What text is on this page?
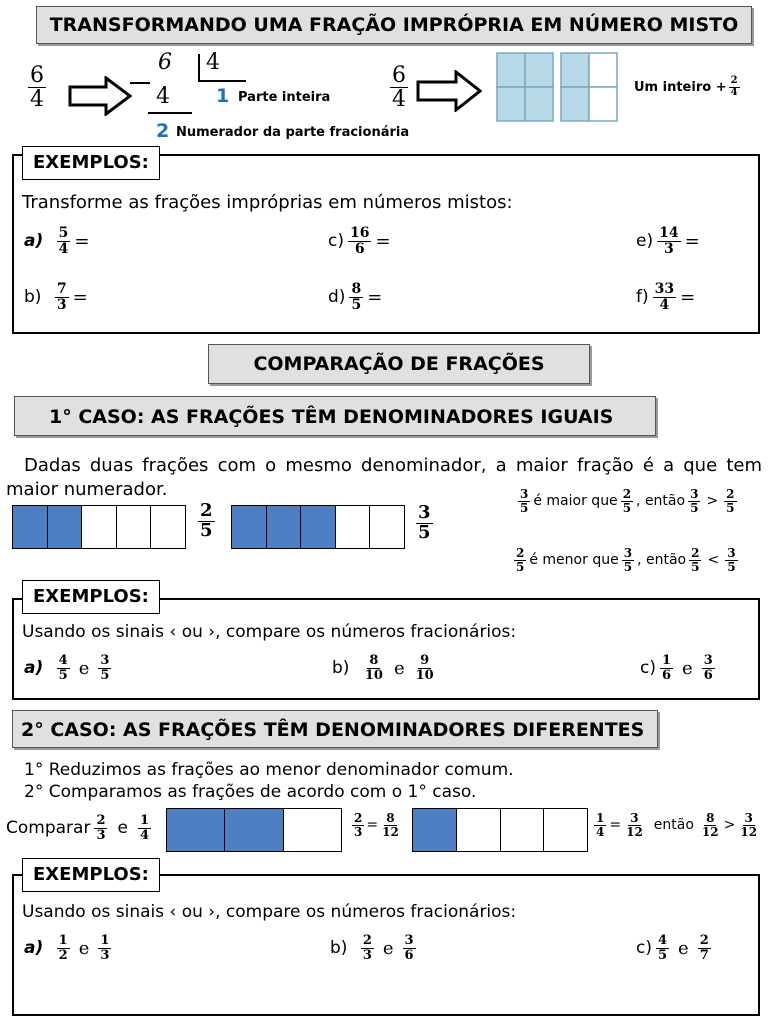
TRANSFORMANDO UMA FRAÇÃO IMPRÓPRIA EM NÚMERO MISTO
$\frac{6}{4}$
6 4
4 1 Parte inteira
2 Numerador da parte fracionária
$\frac{6}{4}$	Um inteiro + $\frac{2}{4}$
EXEMPLOS:
Transforme as frações impróprias em números mistos:
a)
$\frac{5}{4}$ =	$c) \frac{16}{6}$ =	$e) \frac{14}{3}$ =
b)
$\frac{7}{3}$ =	$d) \frac{8}{5}$ =	$f) \frac{33}{4}$ =
COMPARAÇÃO DE FRAÇÕES
1° CASO: AS FRAÇÕES TÊM DENOMINADORES IGUAIS
Dadas duas frações com o mesmo denominador, a maior fração é a que tem maior numerador.
$\frac{2}{5}$	$\frac{3}{5}$
$\frac{3}{5}$ é maior que $\frac{2}{5}$ , então $\frac{3}{5} > \frac{2}{5}$
$\frac{2}{5}$ é menor que $\frac{3}{5}$ , então $\frac{2}{5} < \frac{3}{5}$
EXEMPLOS:
Usando os sinais ‹ ou ›, compare os números fracionários:
a)
$\frac{4}{5}$ e $\frac{3}{5}$	b)
$\frac{8}{10}$ e $\frac{9}{10}$	$c) \frac{1}{6}$ e $\frac{3}{6}$
2° CASO: AS FRAÇÕES TÊM DENOMINADORES DIFERENTES
1° Reduzimos as frações ao menor denominador comum.
2° Comparamos as frações de acordo com o 1° caso.
Comparar $\frac{2}{3}$ e $\frac{1}{4}$	$\frac{2}{3} = \frac{8}{12}$	$\frac{1}{4} = \frac{3}{12}$ então $\frac{8}{12} > \frac{3}{12}$
EXEMPLOS:
Usando os sinais ‹ ou ›, compare os números fracionários:
a)
$\frac{1}{2}$ e $\frac{1}{3}$	b)
$\frac{2}{3}$ e $\frac{3}{6}$	$c) \frac{4}{5}$ e $\frac{2}{7}$
